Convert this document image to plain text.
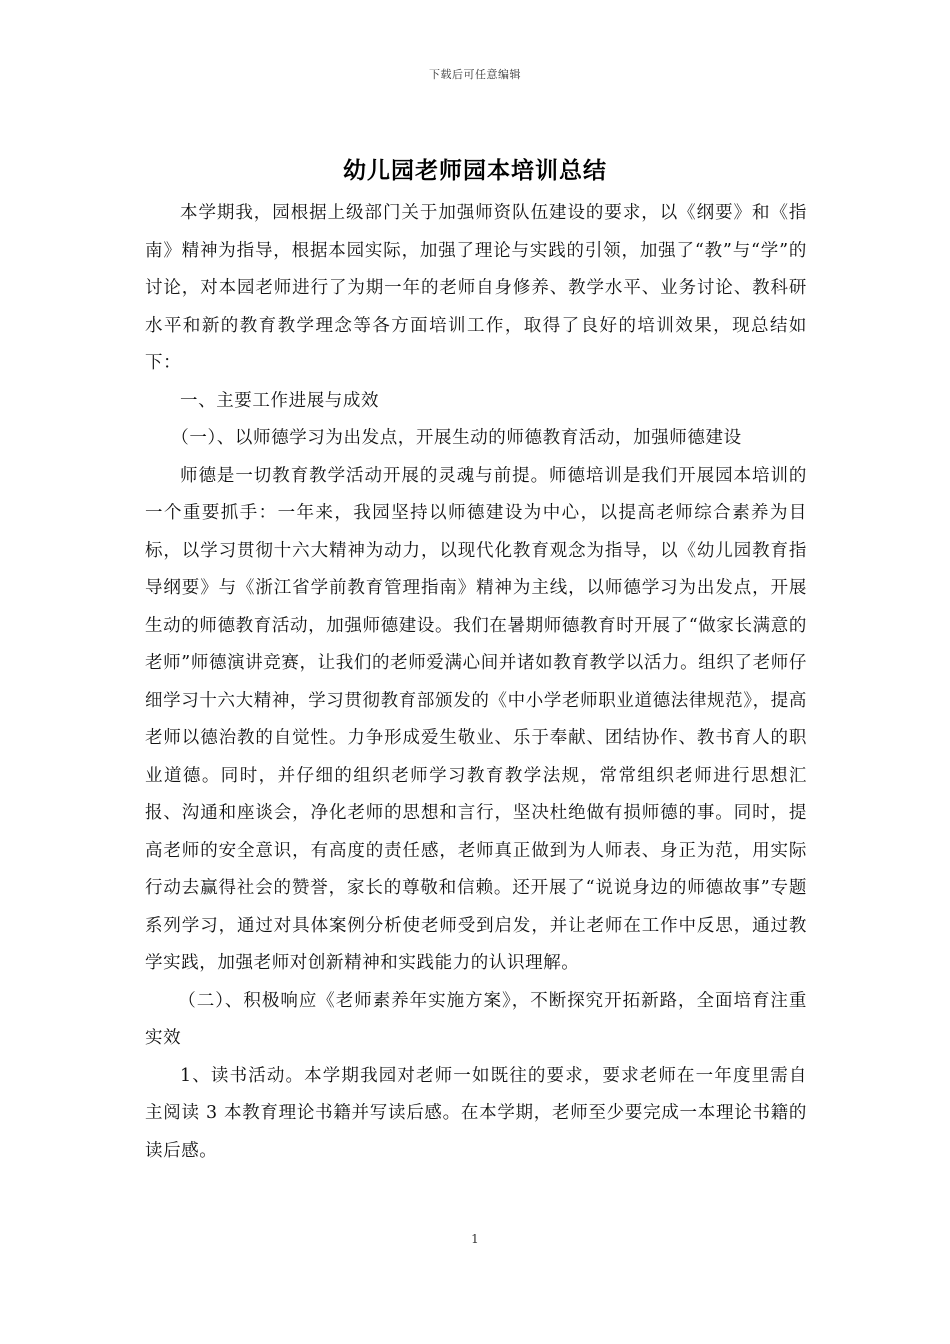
下载后可任意编辑
幼儿园老师园本培训总结

本学期我，园根据上级部门关于加强师资队伍建设的要求，以《纲要》和《指南》精神为指导，根据本园实际，加强了理论与实践的引领，加强了“教”与“学”的讨论，对本园老师进行了为期一年的老师自身修养、教学水平、业务讨论、教科研水平和新的教育教学理念等各方面培训工作，取得了良好的培训效果，现总结如下：

一、主要工作进展与成效

（一）、以师德学习为出发点，开展生动的师德教育活动，加强师德建设

师德是一切教育教学活动开展的灵魂与前提。师德培训是我们开展园本培训的一个重要抓手：一年来，我园坚持以师德建设为中心，以提高老师综合素养为目标，以学习贯彻十六大精神为动力，以现代化教育观念为指导，以《幼儿园教育指导纲要》与《浙江省学前教育管理指南》精神为主线，以师德学习为出发点，开展生动的师德教育活动，加强师德建设。我们在暑期师德教育时开展了“做家长满意的老师”师德演讲竞赛，让我们的老师爱满心间并诸如教育教学以活力。组织了老师仔细学习十六大精神，学习贯彻教育部颁发的《中小学老师职业道德法律规范》，提高老师以德治教的自觉性。力争形成爱生敬业、乐于奉献、团结协作、教书育人的职业道德。同时，并仔细的组织老师学习教育教学法规，常常组织老师进行思想汇报、沟通和座谈会，净化老师的思想和言行，坚决杜绝做有损师德的事。同时，提高老师的安全意识，有高度的责任感，老师真正做到为人师表、身正为范，用实际行动去赢得社会的赞誉，家长的尊敬和信赖。还开展了“说说身边的师德故事”专题系列学习，通过对具体案例分析使老师受到启发，并让老师在工作中反思，通过教学实践，加强老师对创新精神和实践能力的认识理解。

（二）、积极响应《老师素养年实施方案》，不断探究开拓新路，全面培育注重实效

1、读书活动。本学期我园对老师一如既往的要求，要求老师在一年度里需自主阅读 3 本教育理论书籍并写读后感。在本学期，老师至少要完成一本理论书籍的读后感。

1
